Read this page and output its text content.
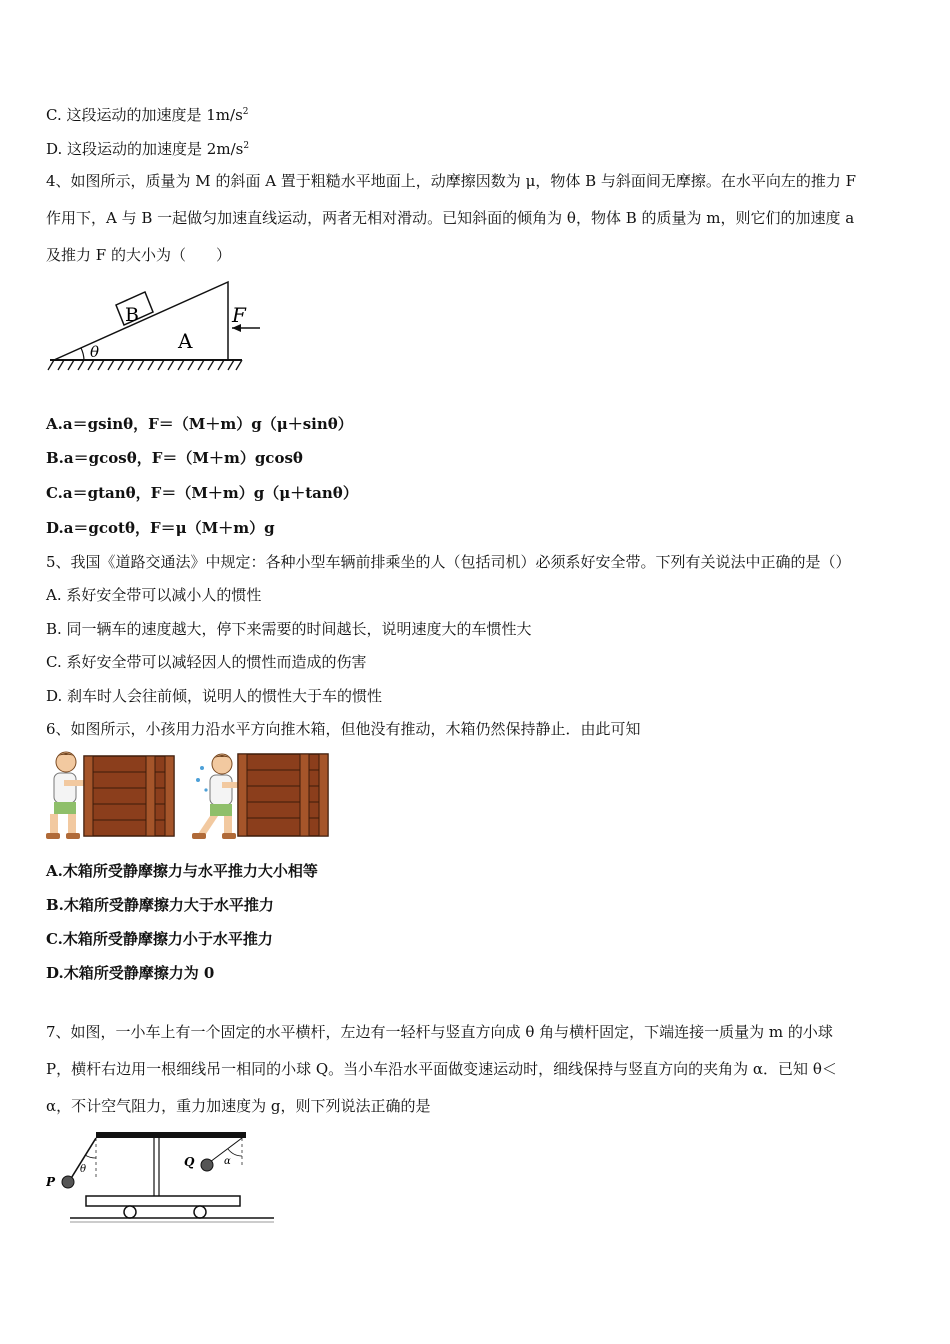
C. 这段运动的加速度是 $1m/s^2$
D. 这段运动的加速度是 $2m/s^2$
4、如图所示，质量为 M 的斜面 A 置于粗糙水平地面上，动摩擦因数为 μ，物体 B 与斜面间无摩擦。在水平向左的推力 F
作用下，A 与 B 一起做匀加速直线运动，两者无相对滑动。已知斜面的倾角为 θ，物体 B 的质量为 m，则它们的加速度 a
及推力 F 的大小为（　　）
B
A
θ
F
A.a＝gsinθ，F＝（M＋m）g（μ＋sinθ）
B.a＝gcosθ，F＝（M＋m）gcosθ
C.a＝gtanθ，F＝（M＋m）g（μ＋tanθ）
D.a＝gcotθ，F＝μ（M＋m）g
5、我国《道路交通法》中规定：各种小型车辆前排乘坐的人（包括司机）必须系好安全带。下列有关说法中正确的是（）
A. 系好安全带可以减小人的惯性
B. 同一辆车的速度越大，停下来需要的时间越长，说明速度大的车惯性大
C. 系好安全带可以减轻因人的惯性而造成的伤害
D. 刹车时人会往前倾，说明人的惯性大于车的惯性
6、如图所示，小孩用力沿水平方向推木箱，但他没有推动，木箱仍然保持静止．由此可知
A.木箱所受静摩擦力与水平推力大小相等
B.木箱所受静摩擦力大于水平推力
C.木箱所受静摩擦力小于水平推力
D.木箱所受静摩擦力为 0
7、如图，一小车上有一个固定的水平横杆，左边有一轻杆与竖直方向成 θ 角与横杆固定，下端连接一质量为 m 的小球
P，横杆右边用一根细线吊一相同的小球 Q。当小车沿水平面做变速运动时，细线保持与竖直方向的夹角为 α．已知 θ＜
α，不计空气阻力，重力加速度为 g，则下列说法正确的是
P
θ
Q	α
